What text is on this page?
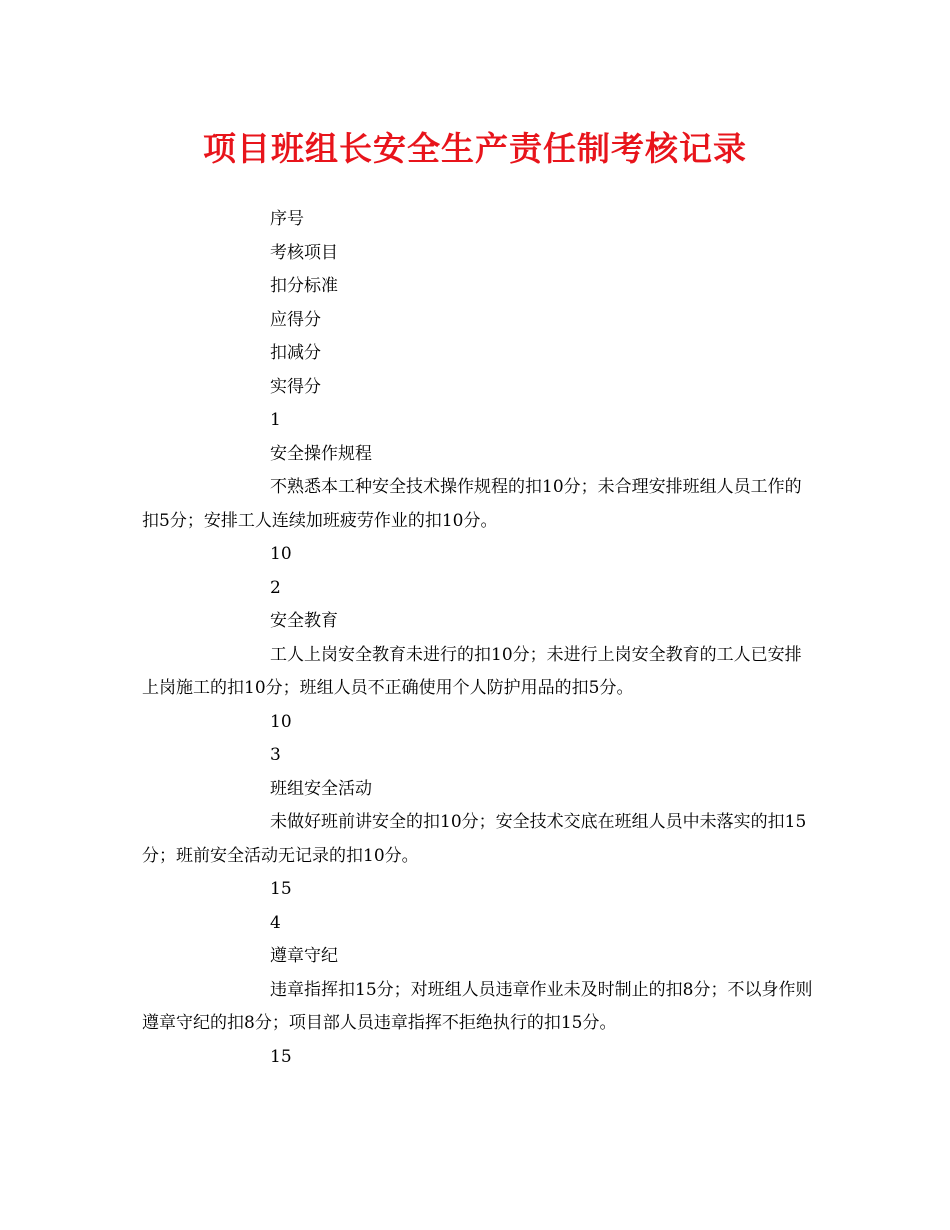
项目班组长安全生产责任制考核记录
序号
考核项目
扣分标准
应得分
扣减分
实得分
1
安全操作规程
不熟悉本工种安全技术操作规程的扣10分；未合理安排班组人员工作的扣5分；安排工人连续加班疲劳作业的扣10分。
10
2
安全教育
工人上岗安全教育未进行的扣10分；未进行上岗安全教育的工人已安排上岗施工的扣10分；班组人员不正确使用个人防护用品的扣5分。
10
3
班组安全活动
未做好班前讲安全的扣10分；安全技术交底在班组人员中未落实的扣15分；班前安全活动无记录的扣10分。
15
4
遵章守纪
违章指挥扣15分；对班组人员违章作业未及时制止的扣8分；不以身作则遵章守纪的扣8分；项目部人员违章指挥不拒绝执行的扣15分。
15
